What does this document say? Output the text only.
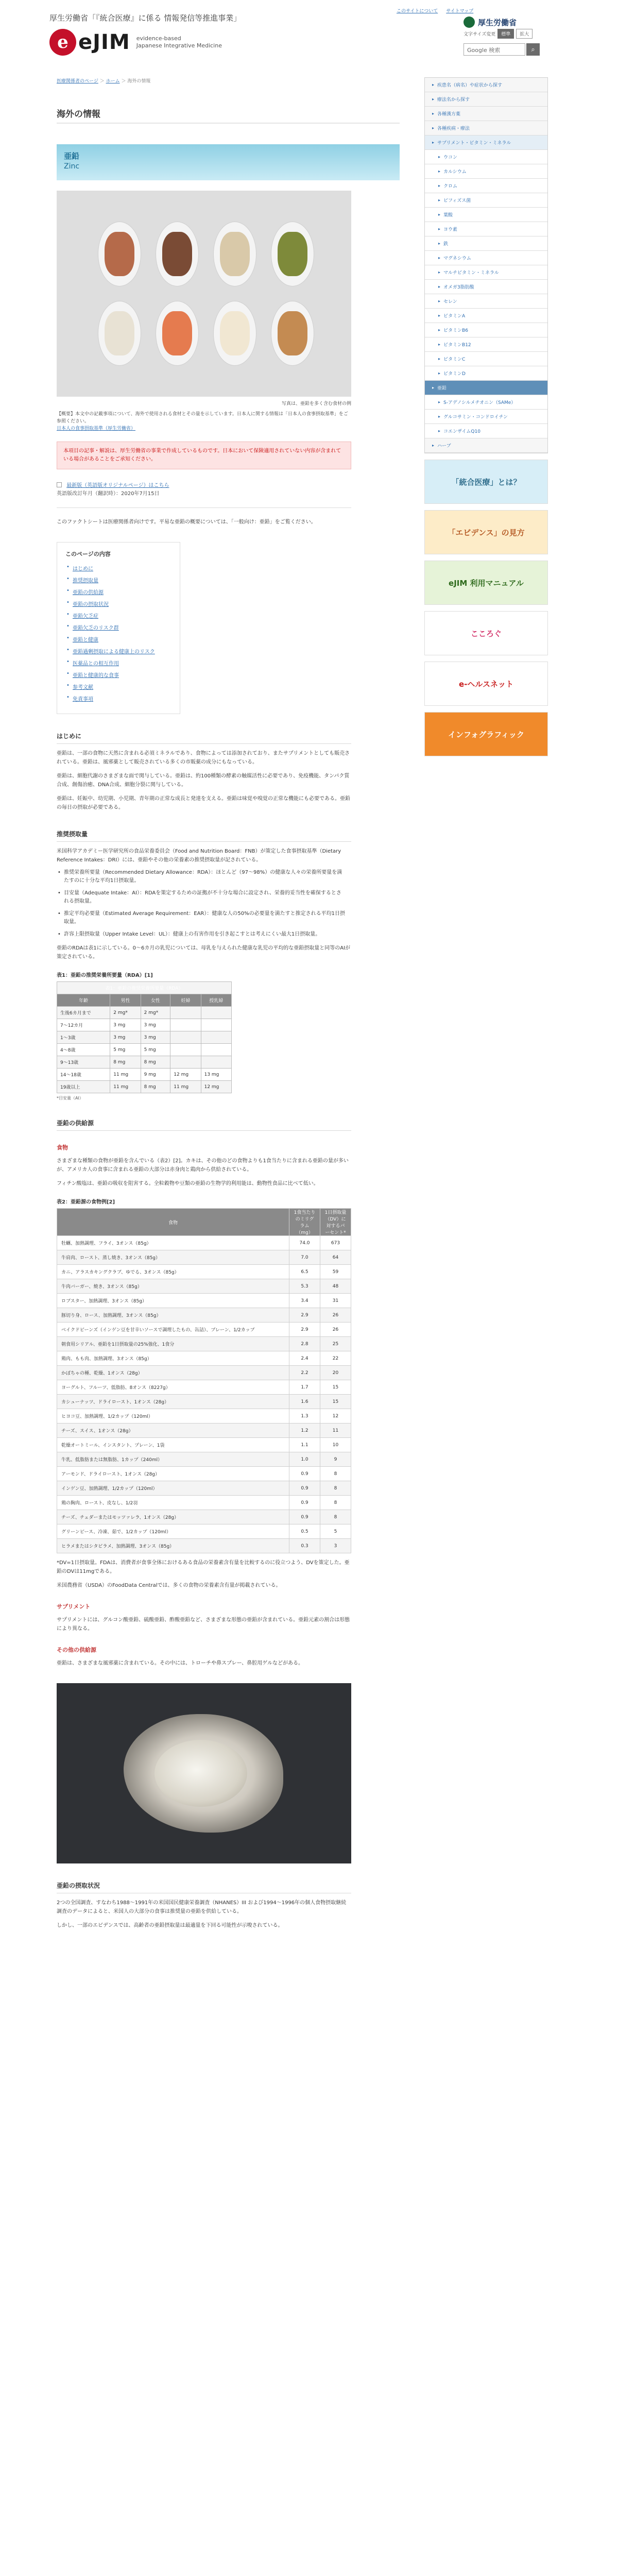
厚生労働省「『統合医療』に係る 情報発信等推進事業」
e eJIM evidence-based
Japanese Integrative Medicine
このサイトについて サイトマップ
厚生労働省
文字サイズ変更	標準	拡大
Google 検索	⌕
医療関係者のページ ＞ ホーム ＞ 海外の情報
海外の情報
亜鉛
Zinc
写真は、亜鉛を多く含む食材の例
【概要】本文中の記載事項について、海外で使用される食材とその量を示しています。日本人に関する情報は「日本人の食事摂取基準」をご参照ください。
日本人の食事摂取基準（厚生労働省）
本項目の記事・解説は、厚生労働省の事業で作成しているものです。日本において保険適用されていない内容が含まれている場合があることをご承知ください。
最新版（英語版オリジナルページ）はこちら
英語版改訂年月（翻訳時）：2020年7月15日
このファクトシートは医療関係者向けです。平易な亜鉛の概要については、「一般向け：亜鉛」をご覧ください。
このページの内容
• はじめに
• 推奨摂取量
• 亜鉛の供給源
• 亜鉛の摂取状況
• 亜鉛欠乏症
• 亜鉛欠乏のリスク群
• 亜鉛と健康
• 亜鉛過剰摂取による健康上のリスク
• 医薬品との相互作用
• 亜鉛と健康的な食事
• 参考文献
• 免責事項
はじめに
亜鉛は、一部の食物に天然に含まれる必須ミネラルであり、食物によっては添加されており、またサプリメントとしても販売されている。亜鉛は、風邪薬として販売されている多くの市販薬の成分にもなっている。
亜鉛は、細胞代謝のさまざまな面で関与している。亜鉛は、約100種類の酵素の触媒活性に必要であり、免疫機能、タンパク質合成、創傷治癒、DNA合成、細胞分裂に関与している。
亜鉛は、妊娠中、幼児期、小児期、青年期の正常な成長と発達を支える。亜鉛は味覚や嗅覚の正常な機能にも必要である。亜鉛の毎日の摂取が必要である。
推奨摂取量
米国科学アカデミー医学研究所の食品栄養委員会（Food and Nutrition Board：FNB）が策定した食事摂取基準（Dietary Reference Intakes：DRI）には、亜鉛やその他の栄養素の推奨摂取量が記されている。
• 推奨栄養所要量（Recommended Dietary Allowance：RDA）：ほとんど（97〜98%）の健康な人々の栄養所要量を満たすのに十分な平均1日摂取量。
• 目安量（Adequate Intake：AI）：RDAを策定するための証拠が不十分な場合に設定され、栄養的妥当性を確保するとされる摂取量。
• 推定平均必要量（Estimated Average Requirement：EAR）：健康な人の50%の必要量を満たすと推定される平均1日摂取量。
• 許容上限摂取量（Upper Intake Level：UL）：健康上の有害作用を引き起こすとは考えにくい最大1日摂取量。
亜鉛のRDAは表1に示している。0〜6カ月の乳児については、母乳を与えられた健康な乳児の平均的な亜鉛摂取量と同等のAIが策定されている。
表1：亜鉛の推奨栄養所要量（RDA）[1]
表1：亜鉛の推奨栄養所要量（RDA）				
年齢	男性	女性	妊婦	授乳婦
生後6カ月まで	2 mg*	2 mg*		
7〜12カ月	3 mg	3 mg		
1〜3歳	3 mg	3 mg		
4〜8歳	5 mg	5 mg		
9〜13歳	8 mg	8 mg		
14〜18歳	11 mg	9 mg	12 mg	13 mg
19歳以上	11 mg	8 mg	11 mg	12 mg
*目安量（AI）
亜鉛の供給源
食物
さまざまな種類の食物が亜鉛を含んでいる（表2）[2]。カキは、その他のどの食物よりも1食当たりに含まれる亜鉛の量が多いが、アメリカ人の食事に含まれる亜鉛の大部分は赤身肉と鶏肉から供給されている。
フィチン酸塩は、亜鉛の吸収を阻害する。全粒穀物や豆類の亜鉛の生物学的利用能は、動物性食品に比べて低い。
表2：亜鉛源の食物例[2]
食物	1食当たりのミリグラム（mg）	1日摂取量（DV）に対するパーセント*
牡蠣、加熱調理、フライ、3オンス（85g）	74.0	673
牛肩肉、ロースト、蒸し焼き、3オンス（85g）	7.0	64
カニ、アラスカキングクラブ、ゆでる、3オンス（85g）	6.5	59
牛肉バーガー、焼き、3オンス（85g）	5.3	48
ロブスター、加熱調理、3オンス（85g）	3.4	31
豚切り身、ロース、加熱調理、3オンス（85g）	2.9	26
ベイクドビーンズ（インゲン豆を甘辛いソースで調理したもの、缶詰）、プレーン、1/2カップ	2.9	26
朝食用シリアル、亜鉛を1日摂取量の25%強化、1食分	2.8	25
鶏肉、もも肉、加熱調理、3オンス（85g）	2.4	22
かぼちゃの種、乾燥、1オンス（28g）	2.2	20
ヨーグルト、フルーツ、低脂肪、8オンス（8227g）	1.7	15
カシューナッツ、ドライロースト、1オンス（28g）	1.6	15
ヒヨコ豆、加熱調理、1/2カップ（120ml）	1.3	12
チーズ、スイス、1オンス（28g）	1.2	11
乾燥オートミール、インスタント、プレーン、1袋	1.1	10
牛乳、低脂肪または無脂肪、1カップ（240ml）	1.0	9
アーモンド、ドライロースト、1オンス（28g）	0.9	8
インゲン豆、加熱調理、1/2カップ（120ml）	0.9	8
鶏の胸肉、ロースト、皮なし、1/2羽	0.9	8
チーズ、チェダーまたはモッツァレラ、1オンス（28g）	0.9	8
グリーンピース、冷凍、茹で、1/2カップ（120ml）	0.5	5
ヒラメまたはシタビラメ、加熱調理、3オンス（85g）	0.3	3
*DV=1日摂取量。FDAは、消費者が食事全体におけるある食品の栄養素含有量を比較するのに役立つよう、DVを策定した。亜鉛のDVは11mgである。
米国農務省（USDA）のFoodData Centralでは、多くの食物の栄養素含有量が掲載されている。
サプリメント
サプリメントには、グルコン酸亜鉛、硫酸亜鉛、酢酸亜鉛など、さまざまな形態の亜鉛が含まれている。亜鉛元素の割合は形態により異なる。
その他の供給源
亜鉛は、さまざまな風邪薬に含まれている。その中には、トローチや鼻スプレー、鼻腔用ゲルなどがある。
亜鉛の摂取状況
2つの全国調査、すなわち1988〜1991年の米国国民健康栄養調査（NHANES）III および1994〜1996年の個人食物摂取継続調査のデータによると、米国人の大部分の食事は推奨量の亜鉛を供給している。
しかし、一部のエビデンスでは、高齢者の亜鉛摂取量は最適量を下回る可能性が示唆されている。
▸ 疾患名（病名）や症状から探す
▸ 療法名から探す
▸ 各種漢方薬
▸ 各種疾病・療法
▸ サプリメント・ビタミン・ミネラル
▸ ウコン
▸ カルシウム
▸ クロム
▸ ビフィズス菌
▸ 葉酸
▸ ヨウ素
▸ 鉄
▸ マグネシウム
▸ マルチビタミン・ミネラル
▸ オメガ3脂肪酸
▸ セレン
▸ ビタミンA
▸ ビタミンB6
▸ ビタミンB12
▸ ビタミンC
▸ ビタミンD
▸ 亜鉛
▸ S-アデノシルメチオニン（SAMe）
▸ グルコサミン・コンドロイチン
▸ コエンザイムQ10
▸ ハーブ
「統合医療」とは？
「エビデンス」の見方
eJIM 利用マニュアル
こころぐ
e-ヘルスネット
インフォグラフィック
